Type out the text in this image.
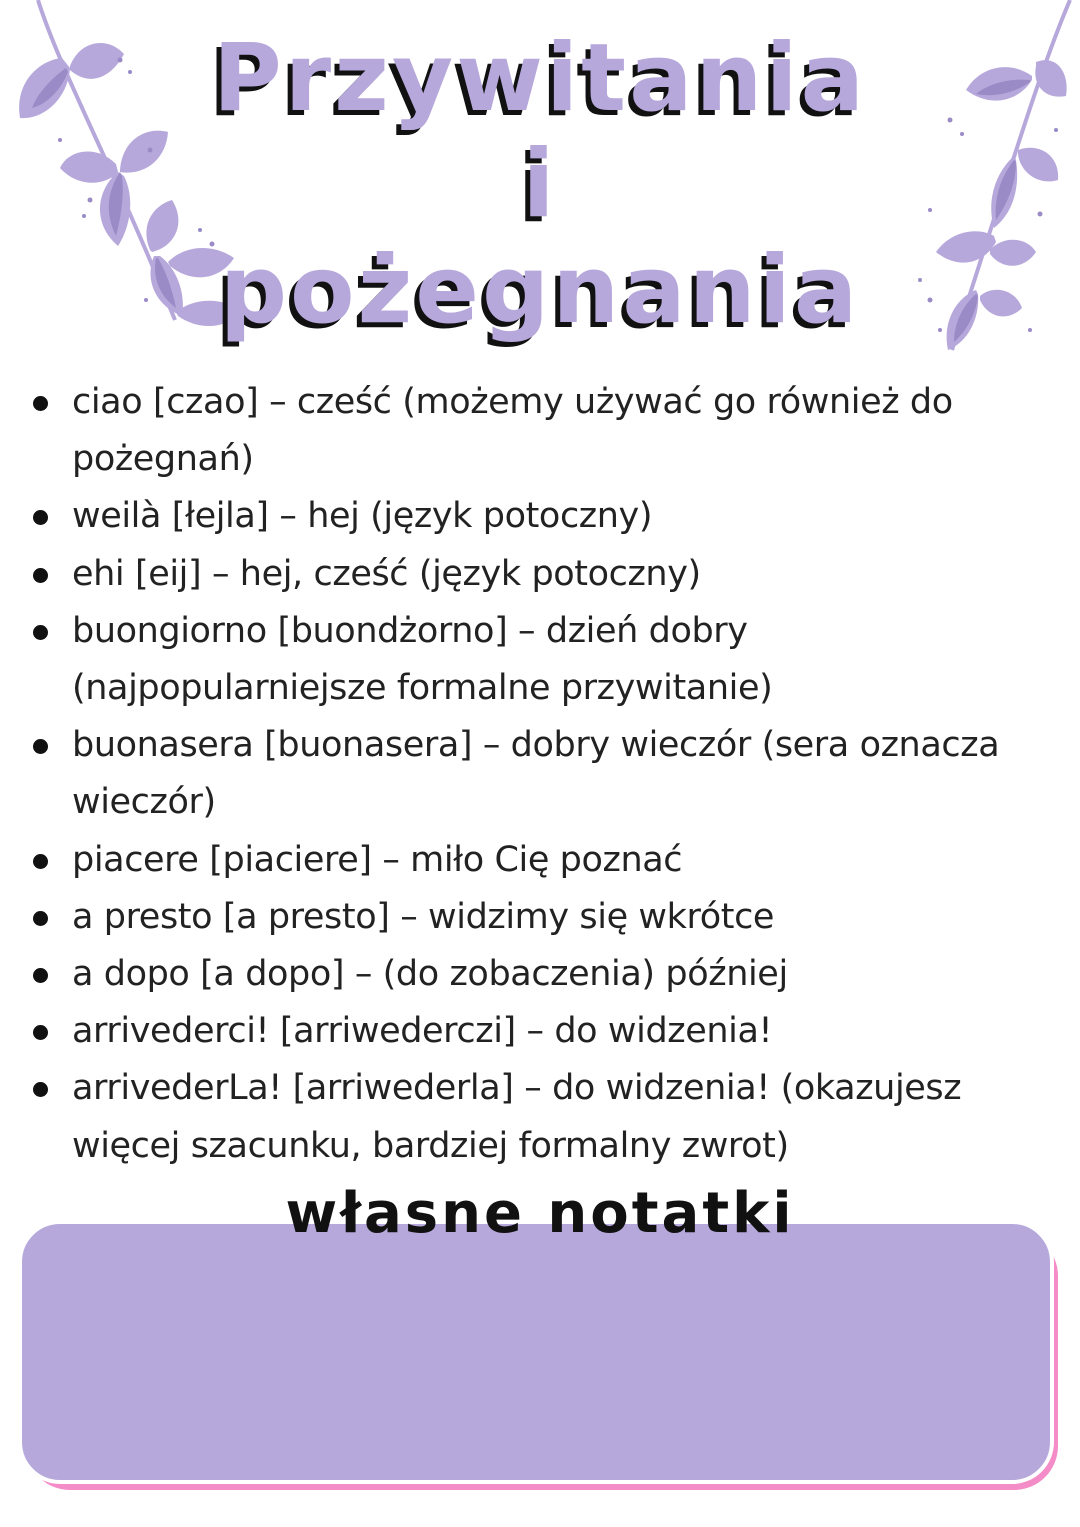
Przywitania i
pożegnania
ciao [czao] – cześć (możemy używać go również do pożegnań)
weilà [łejla] – hej (język potoczny)
ehi [eij] – hej, cześć (język potoczny)
buongiorno [buondżorno] – dzień dobry (najpopularniejsze formalne przywitanie)
buonasera [buonasera] – dobry wieczór (sera oznacza wieczór)
piacere [piaciere] – miło Cię poznać
a presto [a presto] – widzimy się wkrótce
a dopo [a dopo] – (do zobaczenia) później
arrivederci! [arriwederczi] – do widzenia!
arrivederLa! [arriwederla] – do widzenia! (okazujesz więcej szacunku, bardziej formalny zwrot)
własne notatki
